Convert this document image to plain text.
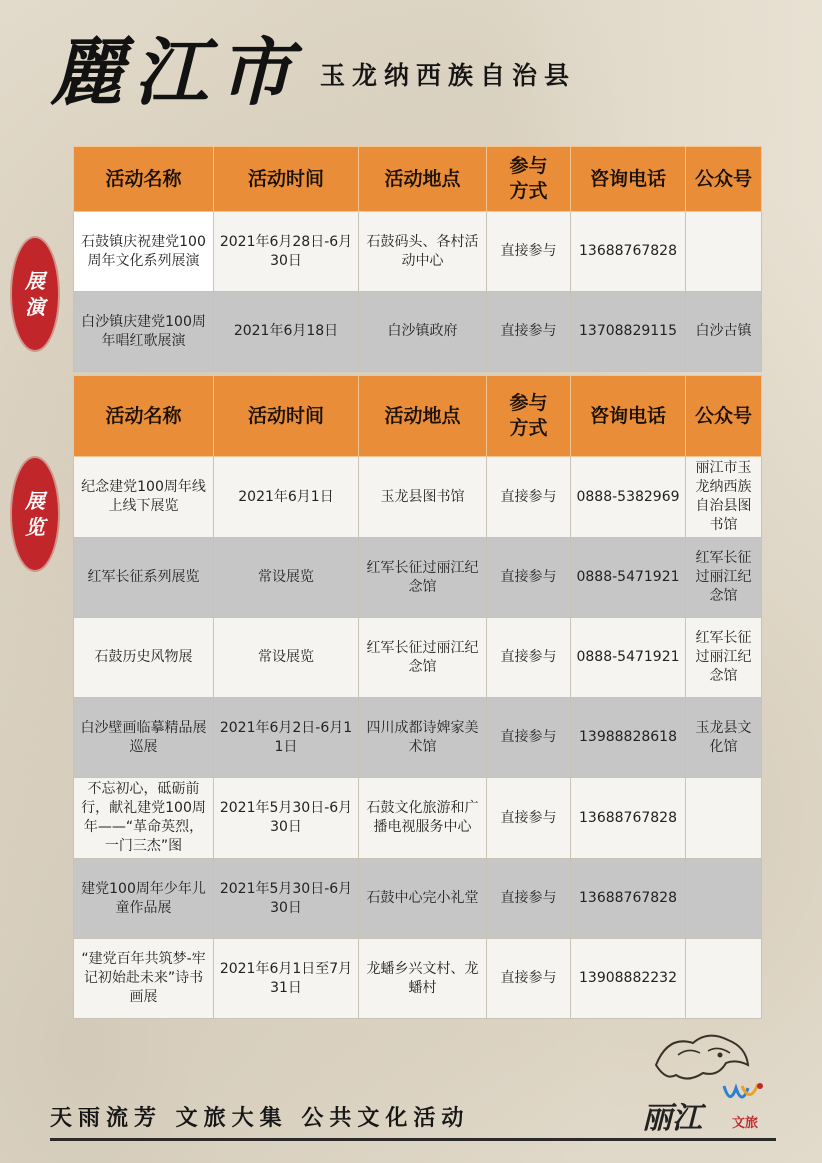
麗江市 玉龙纳西族自治县
展
演
展
览
活动名称	活动时间	活动地点	参与方式	咨询电话	公众号
石鼓镇庆祝建党100周年文化系列展演	2021年6月28日-6月30日	石鼓码头、各村活动中心	直接参与	13688767828	
白沙镇庆建党100周年唱红歌展演	2021年6月18日	白沙镇政府	直接参与	13708829115	白沙古镇
活动名称	活动时间	活动地点	参与方式	咨询电话	公众号
纪念建党100周年线上线下展览	2021年6月1日	玉龙县图书馆	直接参与	0888-5382969	丽江市玉龙纳西族自治县图书馆
红军长征系列展览	常设展览	红军长征过丽江纪念馆	直接参与	0888-5471921	红军长征过丽江纪念馆
石鼓历史风物展	常设展览	红军长征过丽江纪念馆	直接参与	0888-5471921	红军长征过丽江纪念馆
白沙壁画临摹精品展巡展	2021年6月2日-6月11日	四川成都诗婢家美术馆	直接参与	13988828618	玉龙县文化馆
不忘初心，砥砺前行，献礼建党100周年——“革命英烈，一门三杰”图	2021年5月30日-6月30日	石鼓文化旅游和广播电视服务中心	直接参与	13688767828	
建党100周年少年儿童作品展	2021年5月30日-6月30日	石鼓中心完小礼堂	直接参与	13688767828	
“建党百年共筑梦-牢记初始赴未来”诗书画展	2021年6月1日至7月31日	龙蟠乡兴文村、龙蟠村	直接参与	13908882232	
天雨流芳 文旅大集 公共文化活动	丽江 文旅
